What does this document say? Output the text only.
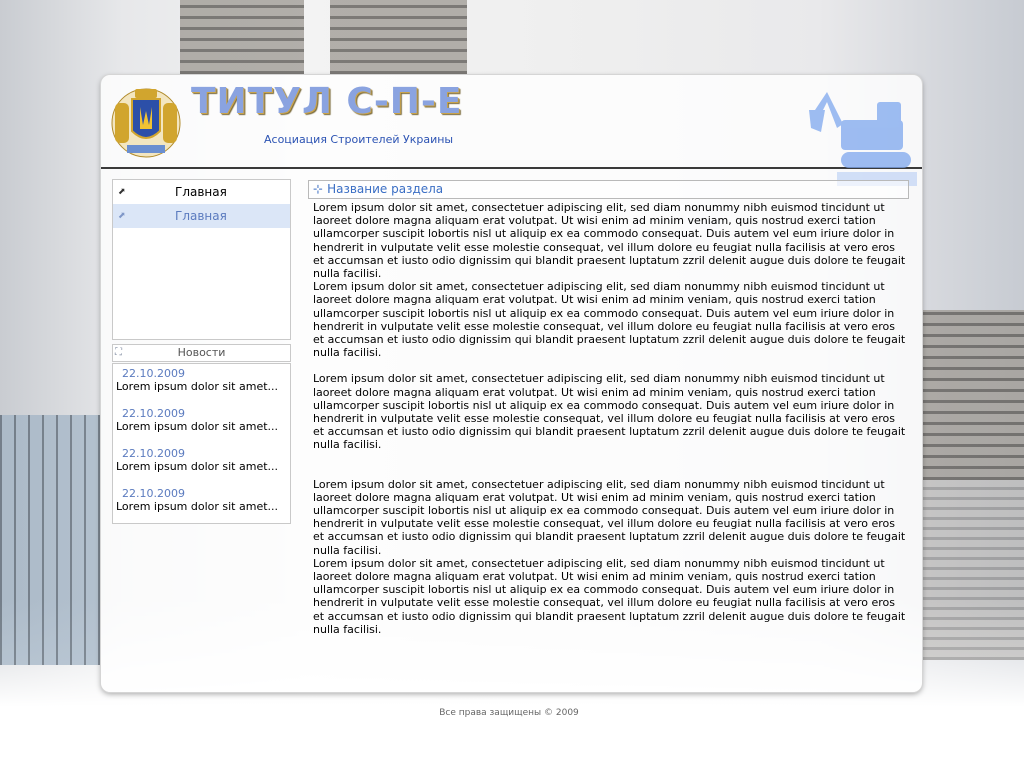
ТИТУЛ С-П-Е
Асоциация Строителей Украины
⬈	Главная
⬈	Главная
⛶	Новости
22.10.2009
Lorem ipsum dolor sit amet...
22.10.2009
Lorem ipsum dolor sit amet...
22.10.2009
Lorem ipsum dolor sit amet...
22.10.2009
Lorem ipsum dolor sit amet...
⊹ Название раздела

Lorem ipsum dolor sit amet, consectetuer adipiscing elit, sed diam nonummy nibh euismod tincidunt ut laoreet dolore magna aliquam erat volutpat. Ut wisi enim ad minim veniam, quis nostrud exerci tation ullamcorper suscipit lobortis nisl ut aliquip ex ea commodo consequat. Duis autem vel eum iriure dolor in hendrerit in vulputate velit esse molestie consequat, vel illum dolore eu feugiat nulla facilisis at vero eros et accumsan et iusto odio dignissim qui blandit praesent luptatum zzril delenit augue duis dolore te feugait nulla facilisi.

Lorem ipsum dolor sit amet, consectetuer adipiscing elit, sed diam nonummy nibh euismod tincidunt ut laoreet dolore magna aliquam erat volutpat. Ut wisi enim ad minim veniam, quis nostrud exerci tation ullamcorper suscipit lobortis nisl ut aliquip ex ea commodo consequat. Duis autem vel eum iriure dolor in hendrerit in vulputate velit esse molestie consequat, vel illum dolore eu feugiat nulla facilisis at vero eros et accumsan et iusto odio dignissim qui blandit praesent luptatum zzril delenit augue duis dolore te feugait nulla facilisi.

Lorem ipsum dolor sit amet, consectetuer adipiscing elit, sed diam nonummy nibh euismod tincidunt ut laoreet dolore magna aliquam erat volutpat. Ut wisi enim ad minim veniam, quis nostrud exerci tation ullamcorper suscipit lobortis nisl ut aliquip ex ea commodo consequat. Duis autem vel eum iriure dolor in hendrerit in vulputate velit esse molestie consequat, vel illum dolore eu feugiat nulla facilisis at vero eros et accumsan et iusto odio dignissim qui blandit praesent luptatum zzril delenit augue duis dolore te feugait nulla facilisi.

Lorem ipsum dolor sit amet, consectetuer adipiscing elit, sed diam nonummy nibh euismod tincidunt ut laoreet dolore magna aliquam erat volutpat. Ut wisi enim ad minim veniam, quis nostrud exerci tation ullamcorper suscipit lobortis nisl ut aliquip ex ea commodo consequat. Duis autem vel eum iriure dolor in hendrerit in vulputate velit esse molestie consequat, vel illum dolore eu feugiat nulla facilisis at vero eros et accumsan et iusto odio dignissim qui blandit praesent luptatum zzril delenit augue duis dolore te feugait nulla facilisi.

Lorem ipsum dolor sit amet, consectetuer adipiscing elit, sed diam nonummy nibh euismod tincidunt ut laoreet dolore magna aliquam erat volutpat. Ut wisi enim ad minim veniam, quis nostrud exerci tation ullamcorper suscipit lobortis nisl ut aliquip ex ea commodo consequat. Duis autem vel eum iriure dolor in hendrerit in vulputate velit esse molestie consequat, vel illum dolore eu feugiat nulla facilisis at vero eros et accumsan et iusto odio dignissim qui blandit praesent luptatum zzril delenit augue duis dolore te feugait nulla facilisi.

Все права защищены © 2009
